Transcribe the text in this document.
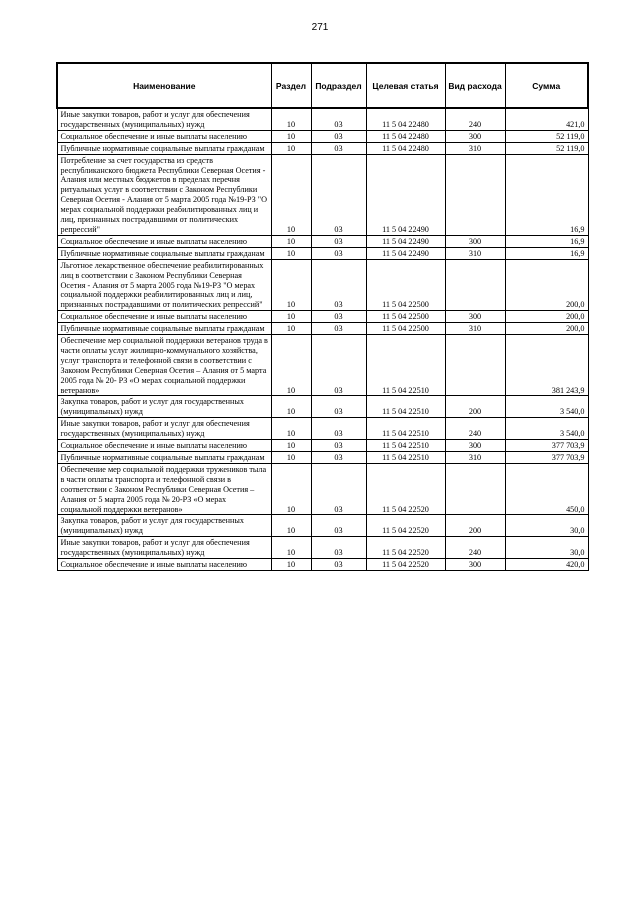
271
Наименование	Раздел	Подраздел	Целевая статья	Вид расхода	Сумма
Иные закупки товаров, работ и услуг для обеспечения государственных (муниципальных) нужд	10	03	11 5 04 22480	240	421,0
Социальное обеспечение и иные выплаты населению	10	03	11 5 04 22480	300	52 119,0
Публичные нормативные социальные выплаты гражданам	10	03	11 5 04 22480	310	52 119,0
Потребление за счет государства из средств республиканского бюджета Республики Северная Осетия - Алания или местных бюджетов в пределах перечня ритуальных услуг в соответствии с Законом Республики Северная Осетия - Алания от 5 марта 2005 года №19-РЗ "О мерах социальной поддержки реабилитированных лиц и лиц, признанных пострадавшими от политических репрессий"	10	03	11 5 04 22490		16,9
Социальное обеспечение и иные выплаты населению	10	03	11 5 04 22490	300	16,9
Публичные нормативные социальные выплаты гражданам	10	03	11 5 04 22490	310	16,9
Льготное лекарственное обеспечение реабилитированных лиц в соответствии с Законом Республики Северная Осетия - Алания от 5 марта 2005 года №19-РЗ "О мерах социальной поддержки реабилитированных лиц и лиц, признанных пострадавшими от политических репрессий"	10	03	11 5 04 22500		200,0
Социальное обеспечение и иные выплаты населению	10	03	11 5 04 22500	300	200,0
Публичные нормативные социальные выплаты гражданам	10	03	11 5 04 22500	310	200,0
Обеспечение мер социальной поддержки ветеранов труда в части оплаты услуг жилищно-коммунального хозяйства, услуг транспорта и телефонной связи в соответствии с Законом Республики Северная Осетия – Алания от 5 марта 2005 года № 20- РЗ «О мерах социальной поддержки ветеранов»	10	03	11 5 04 22510		381 243,9
Закупка товаров, работ и услуг для государственных (муниципальных) нужд	10	03	11 5 04 22510	200	3 540,0
Иные закупки товаров, работ и услуг для обеспечения государственных (муниципальных) нужд	10	03	11 5 04 22510	240	3 540,0
Социальное обеспечение и иные выплаты населению	10	03	11 5 04 22510	300	377 703,9
Публичные нормативные социальные выплаты гражданам	10	03	11 5 04 22510	310	377 703,9
Обеспечение мер социальной поддержки тружеников тыла в части оплаты транспорта и телефонной связи в соответствии с Законом Республики Северная Осетия – Алания от 5 марта 2005 года № 20-РЗ «О мерах социальной поддержки ветеранов»	10	03	11 5 04 22520		450,0
Закупка товаров, работ и услуг для государственных (муниципальных) нужд	10	03	11 5 04 22520	200	30,0
Иные закупки товаров, работ и услуг для обеспечения государственных (муниципальных) нужд	10	03	11 5 04 22520	240	30,0
Социальное обеспечение и иные выплаты населению	10	03	11 5 04 22520	300	420,0
